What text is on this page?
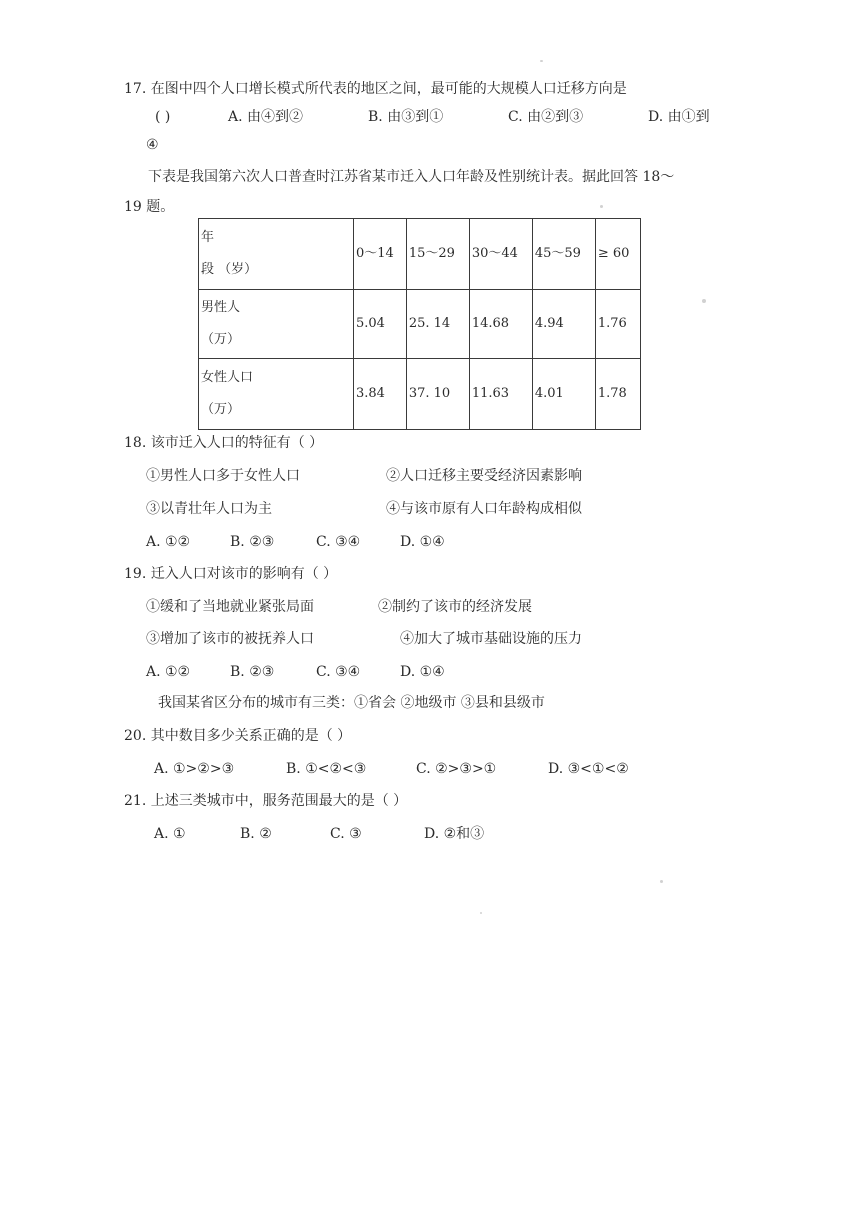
17. 在图中四个人口增长模式所代表的地区之间，最可能的大规模人口迁移方向是
( )	A. 由④到②	B. 由③到①	C. 由②到③	D. 由①到
④
下表是我国第六次人口普查时江苏省某市迁入人口年龄及性别统计表。据此回答 18～
19 题。
年
段 （岁）	0～14	15～29	30～44	45～59	≥ 60

男性人
（万）	5.04	25. 14	14.68	4.94	1.76

女性人口
（万）	3.84	37. 10	11.63	4.01	1.78
18. 该市迁入人口的特征有（ ）
①男性人口多于女性人口	②人口迁移主要受经济因素影响
③以青壮年人口为主	④与该市原有人口年龄构成相似
A. ①②	B. ②③	C. ③④	D. ①④
19. 迁入人口对该市的影响有（ ）
①缓和了当地就业紧张局面	②制约了该市的经济发展
③增加了该市的被抚养人口	④加大了城市基础设施的压力
A. ①②	B. ②③	C. ③④	D. ①④
我国某省区分布的城市有三类：①省会 ②地级市 ③县和县级市
20. 其中数目多少关系正确的是（ ）
A. ①>②>③	B. ①<②<③	C. ②>③>①	D. ③<①<②
21. 上述三类城市中，服务范围最大的是（ ）
A. ①	B. ②	C. ③	D. ②和③
